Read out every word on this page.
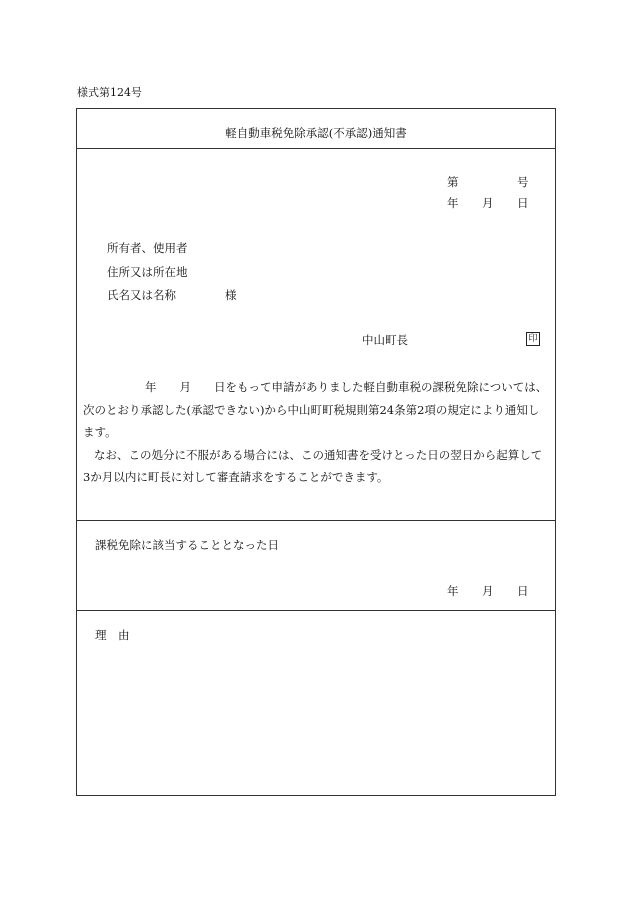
様式第124号
軽自動車税免除承認(不承認)通知書
第	号
年 月 日
所有者、使用者
住所又は所在地
氏名又は名称	様
中山町長	印

年 月 日をもって申請がありました軽自動車税の課税免除については、

次のとおり承認した(承認できない)から中山町町税規則第24条第2項の規定により通知し

ます。

なお、この処分に不服がある場合には、この通知書を受けとった日の翌日から起算して

3か月以内に町長に対して審査請求をすることができます。

課税免除に該当することとなった日
年 月 日
理　由
